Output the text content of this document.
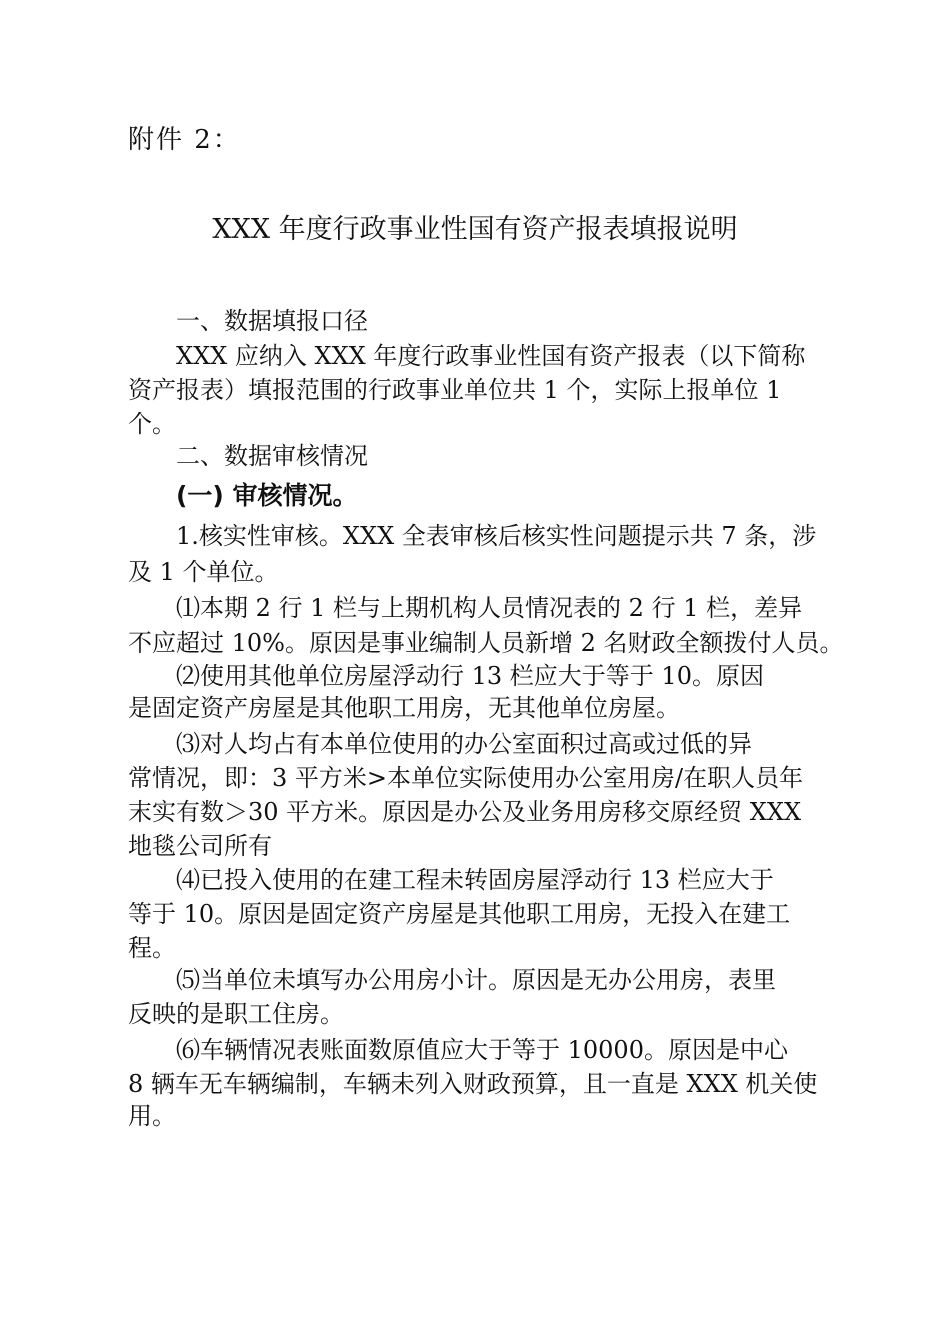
附件 2：
XXX 年度行政事业性国有资产报表填报说明
一、数据填报口径
XXX 应纳入 XXX 年度行政事业性国有资产报表（以下简称
资产报表）填报范围的行政事业单位共 1 个，实际上报单位 1
个。
二、数据审核情况
(一) 审核情况。
1.核实性审核。XXX 全表审核后核实性问题提示共 7 条，涉
及 1 个单位。
⑴本期 2 行 1 栏与上期机构人员情况表的 2 行 1 栏，差异
不应超过 10%。原因是事业编制人员新增 2 名财政全额拨付人员。
⑵使用其他单位房屋浮动行 13 栏应大于等于 10。原因
是固定资产房屋是其他职工用房，无其他单位房屋。
⑶对人均占有本单位使用的办公室面积过高或过低的异
常情况，即：3 平方米>本单位实际使用办公室用房/在职人员年
末实有数＞30 平方米。原因是办公及业务用房移交原经贸 XXX
地毯公司所有
⑷已投入使用的在建工程未转固房屋浮动行 13 栏应大于
等于 10。原因是固定资产房屋是其他职工用房，无投入在建工
程。
⑸当单位未填写办公用房小计。原因是无办公用房，表里
反映的是职工住房。
⑹车辆情况表账面数原值应大于等于 10000。原因是中心
8 辆车无车辆编制，车辆未列入财政预算，且一直是 XXX 机关使
用。
